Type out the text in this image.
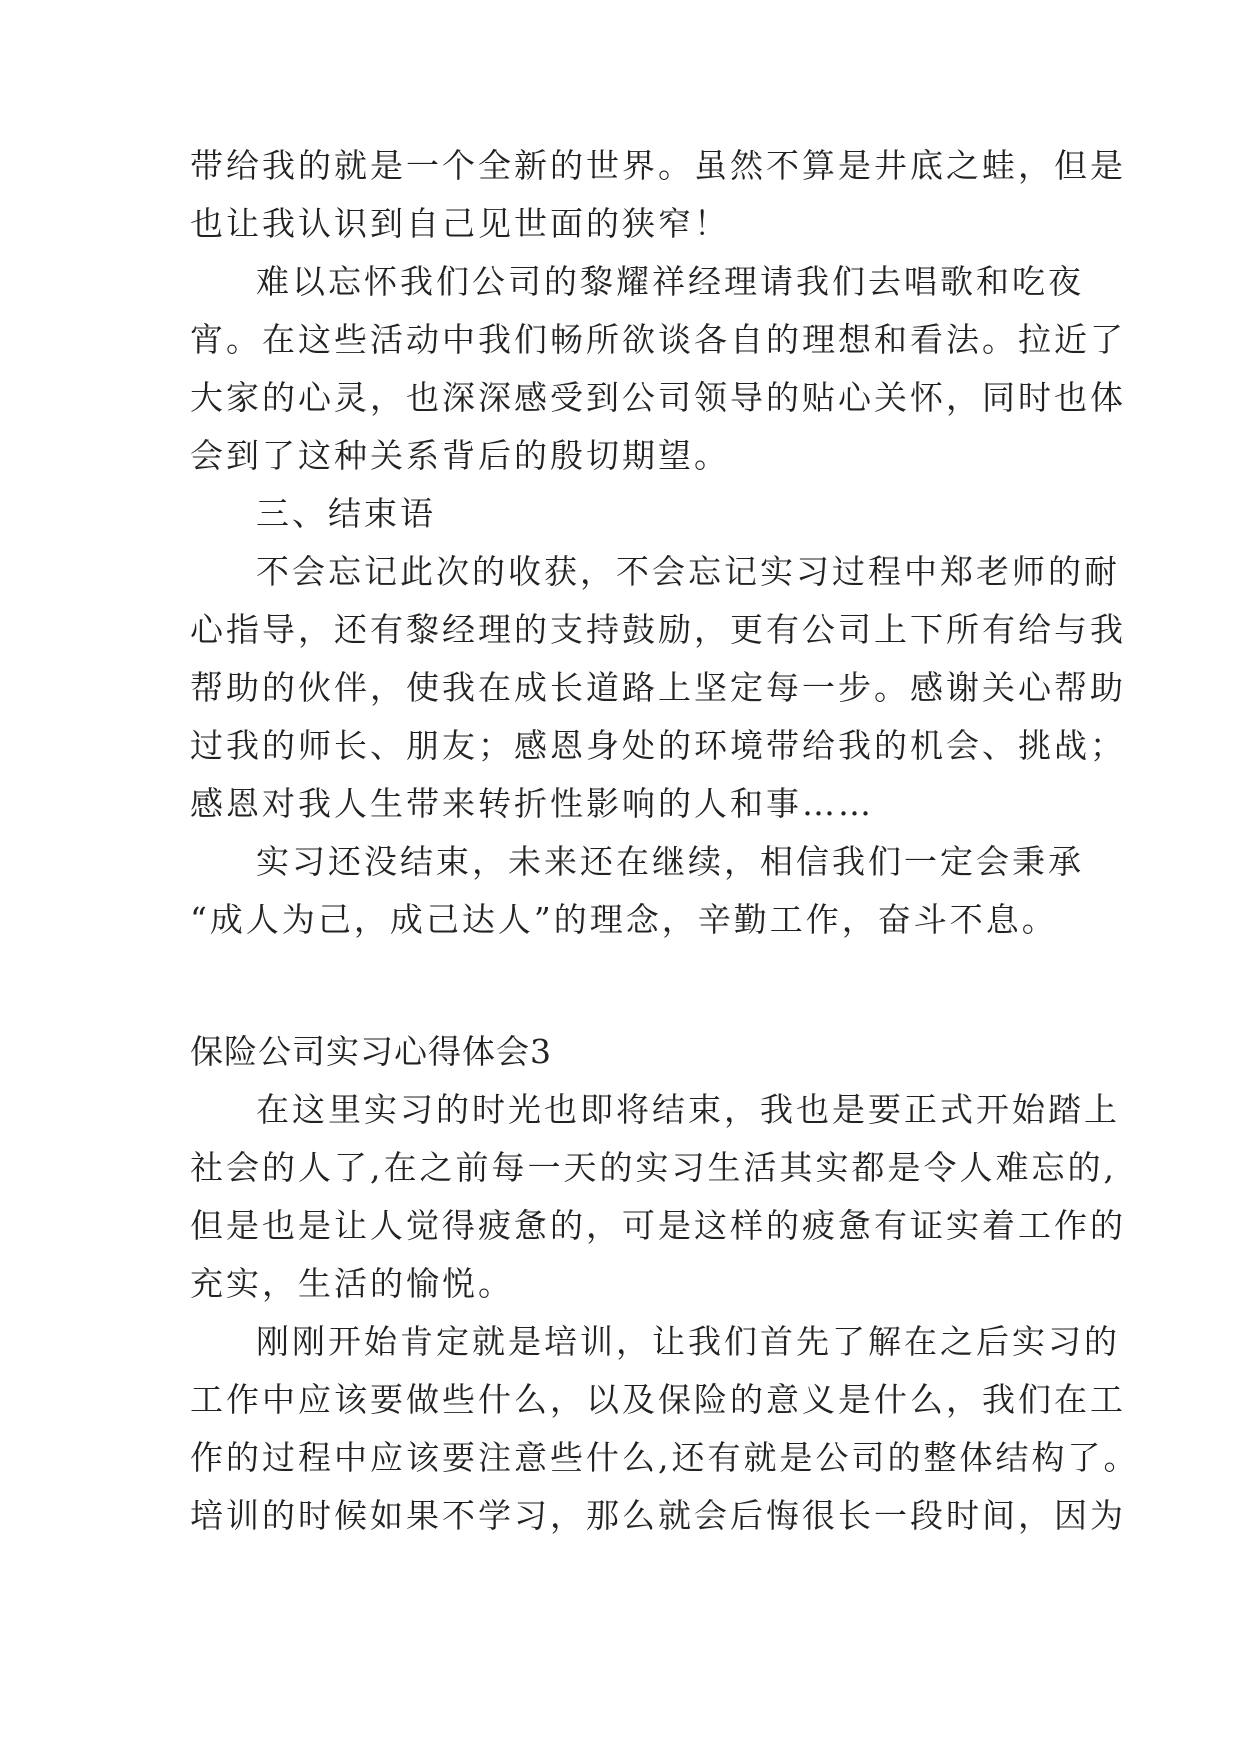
带给我的就是一个全新的世界。虽然不算是井底之蛙，但是
也让我认识到自己见世面的狭窄！
难以忘怀我们公司的黎耀祥经理请我们去唱歌和吃夜
宵。在这些活动中我们畅所欲谈各自的理想和看法。拉近了
大家的心灵，也深深感受到公司领导的贴心关怀，同时也体
会到了这种关系背后的殷切期望。
三、结束语
不会忘记此次的收获，不会忘记实习过程中郑老师的耐
心指导，还有黎经理的支持鼓励，更有公司上下所有给与我
帮助的伙伴，使我在成长道路上坚定每一步。感谢关心帮助
过我的师长、朋友；感恩身处的环境带给我的机会、挑战；
感恩对我人生带来转折性影响的人和事……
实习还没结束，未来还在继续，相信我们一定会秉承
“成人为己，成己达人”的理念，辛勤工作，奋斗不息。
保险公司实习心得体会3
在这里实习的时光也即将结束，我也是要正式开始踏上
社会的人了,在之前每一天的实习生活其实都是令人难忘的,
但是也是让人觉得疲惫的，可是这样的疲惫有证实着工作的
充实，生活的愉悦。
刚刚开始肯定就是培训，让我们首先了解在之后实习的
工作中应该要做些什么，以及保险的意义是什么，我们在工
作的过程中应该要注意些什么,还有就是公司的整体结构了。
培训的时候如果不学习，那么就会后悔很长一段时间，因为
